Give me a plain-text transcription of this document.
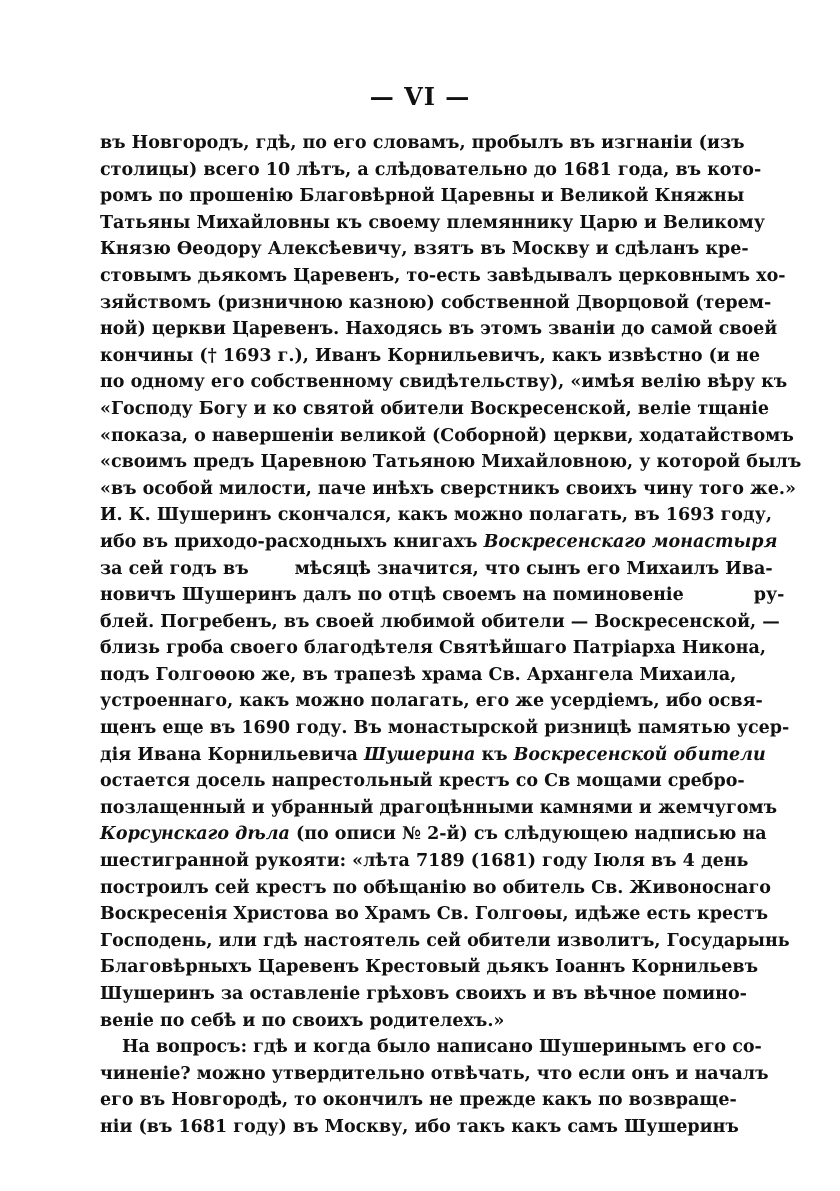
— VI —
въ Новгородъ, гдѣ, по его словамъ, пробылъ въ изгнаніи (изъ
столицы) всего 10 лѣтъ, а слѣдовательно до 1681 года, въ кото-
ромъ по прошенію Благовѣрной Царевны и Великой Княжны
Татьяны Михайловны къ своему племяннику Царю и Великому
Князю Өеодору Алексѣевичу, взятъ въ Москву и сдѣланъ кре-
стовымъ дьякомъ Царевенъ, то-есть завѣдывалъ церковнымъ хо-
зяйствомъ (ризничною казною) собственной Дворцовой (терем-
ной) церкви Царевенъ. Находясь въ этомъ званіи до самой своей
кончины († 1693 г.), Иванъ Корнильевичъ, какъ извѣстно (и не
по одному его собственному свидѣтельству), «имѣя велію вѣру къ
«Господу Богу и ко святой обители Воскресенской, велiе тщаніе
«показа, о навершеніи великой (Соборной) церкви, ходатайствомъ
«своимъ предъ Царевною Татьяною Михайловною, у которой былъ
«въ особой милости, паче инѣхъ сверстникъ своихъ чину того же.»
И. К. Шушеринъ скончался, какъ можно полагать, въ 1693 году,
ибо въ приходо-расходныхъ книгахъ Воскресенскаго монастыря
за сей годъ въ	мѣсяцѣ значится, что сынъ его Михаилъ Ива-
новичъ Шушеринъ далъ по отцѣ своемъ на поминовеніе	ру-
блей. Погребенъ, въ своей любимой обители — Воскресенской, —
близь гроба своего благодѣтеля Святѣйшаго Патріарха Никона,
подъ Голгоѳою же, въ трапезѣ храма Св. Архангела Михаила,
устроеннаго, какъ можно полагать, его же усердіемъ, ибо освя-
щенъ еще въ 1690 году. Въ монастырской ризницѣ памятью усер-
дія Ивана Корнильевича Шушерина къ Воскресенской обители
остается досель напрестольный крестъ со Св мощами сребро-
позлащенный и убранный драгоцѣнными камнями и жемчугомъ
Корсунскаго дѣла (по описи № 2-й) съ слѣдующею надписью на
шестигранной рукояти: «лѣта 7189 (1681) году Іюля въ 4 день
построилъ сей крестъ по обѣщанію во обитель Св. Живоноснаго
Воскресенія Христова во Храмъ Св. Голгоѳы, идѣже есть крестъ
Господень, или гдѣ настоятель сей обители изволитъ, Государынь
Благовѣрныхъ Царевенъ Крестовый дьякъ Іоаннъ Корнильевъ
Шушеринъ за оставленіе грѣховъ своихъ и въ вѣчное помино-
веніе по себѣ и по своихъ родителехъ.»
На вопросъ: гдѣ и когда было написано Шушеринымъ его со-
чиненіе? можно утвердительно отвѣчать, что если онъ и началъ
его въ Новгородѣ, то окончилъ не прежде какъ по возвраще-
ніи (въ 1681 году) въ Москву, ибо такъ какъ самъ Шушеринъ
